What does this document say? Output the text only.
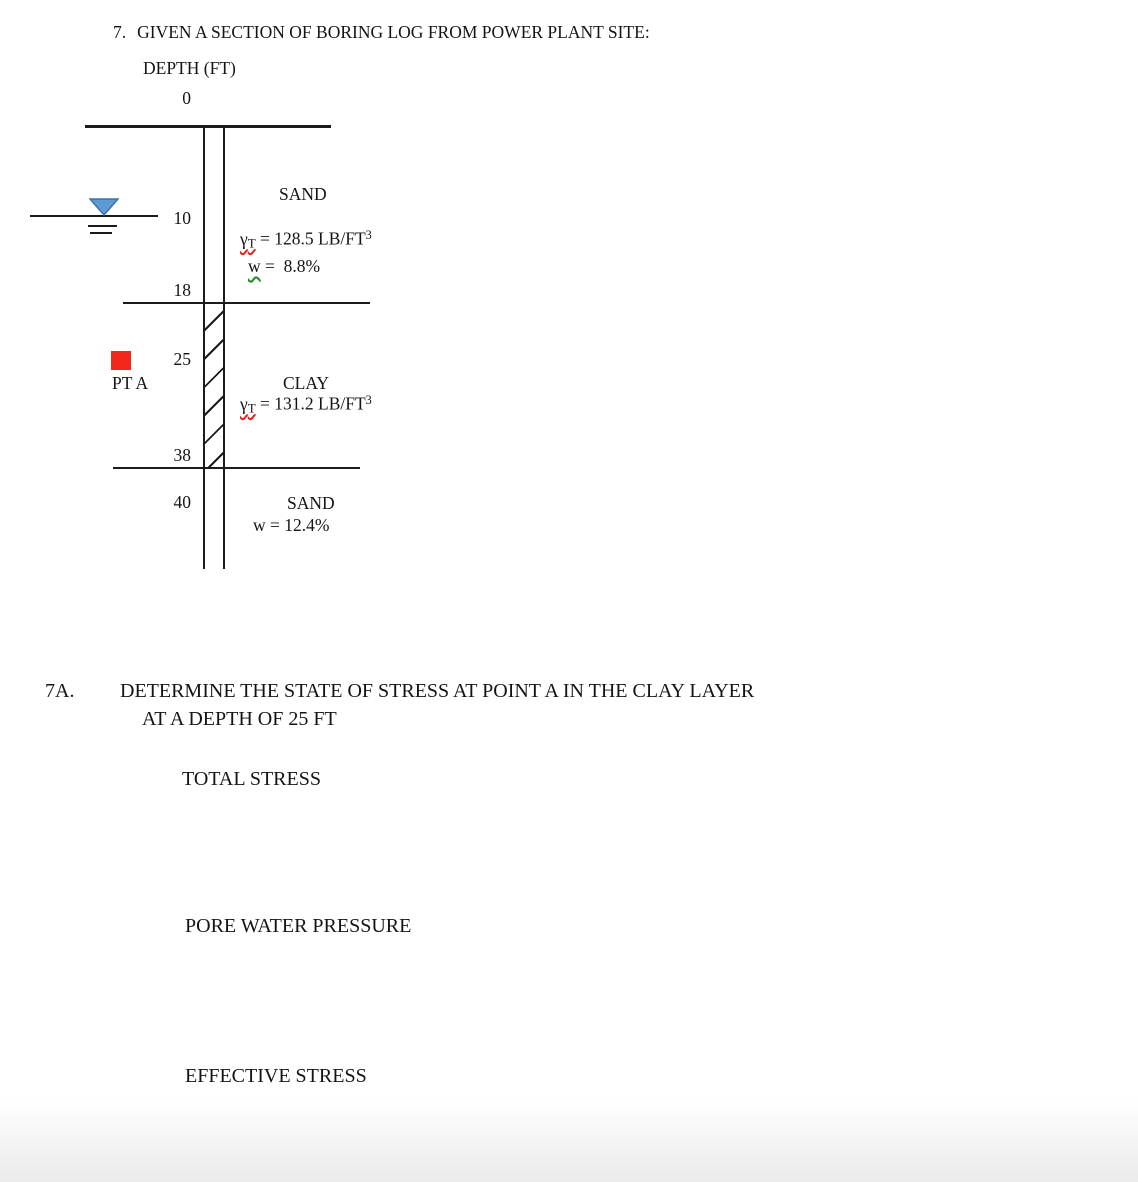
7. GIVEN A SECTION OF BORING LOG FROM POWER PLANT SITE:
DEPTH (FT)
0
10
18
25
38
40
PT A
SAND
$\gamma_T = 128.5$ $LB/FT^3$
w =  8.8%
CLAY
$\gamma_T = 131.2$ $LB/FT^3$
SAND
w = 12.4%
7A. DETERMINE THE STATE OF STRESS AT POINT A IN THE CLAY LAYER
AT A DEPTH OF 25 FT
TOTAL STRESS
PORE WATER PRESSURE
EFFECTIVE STRESS
